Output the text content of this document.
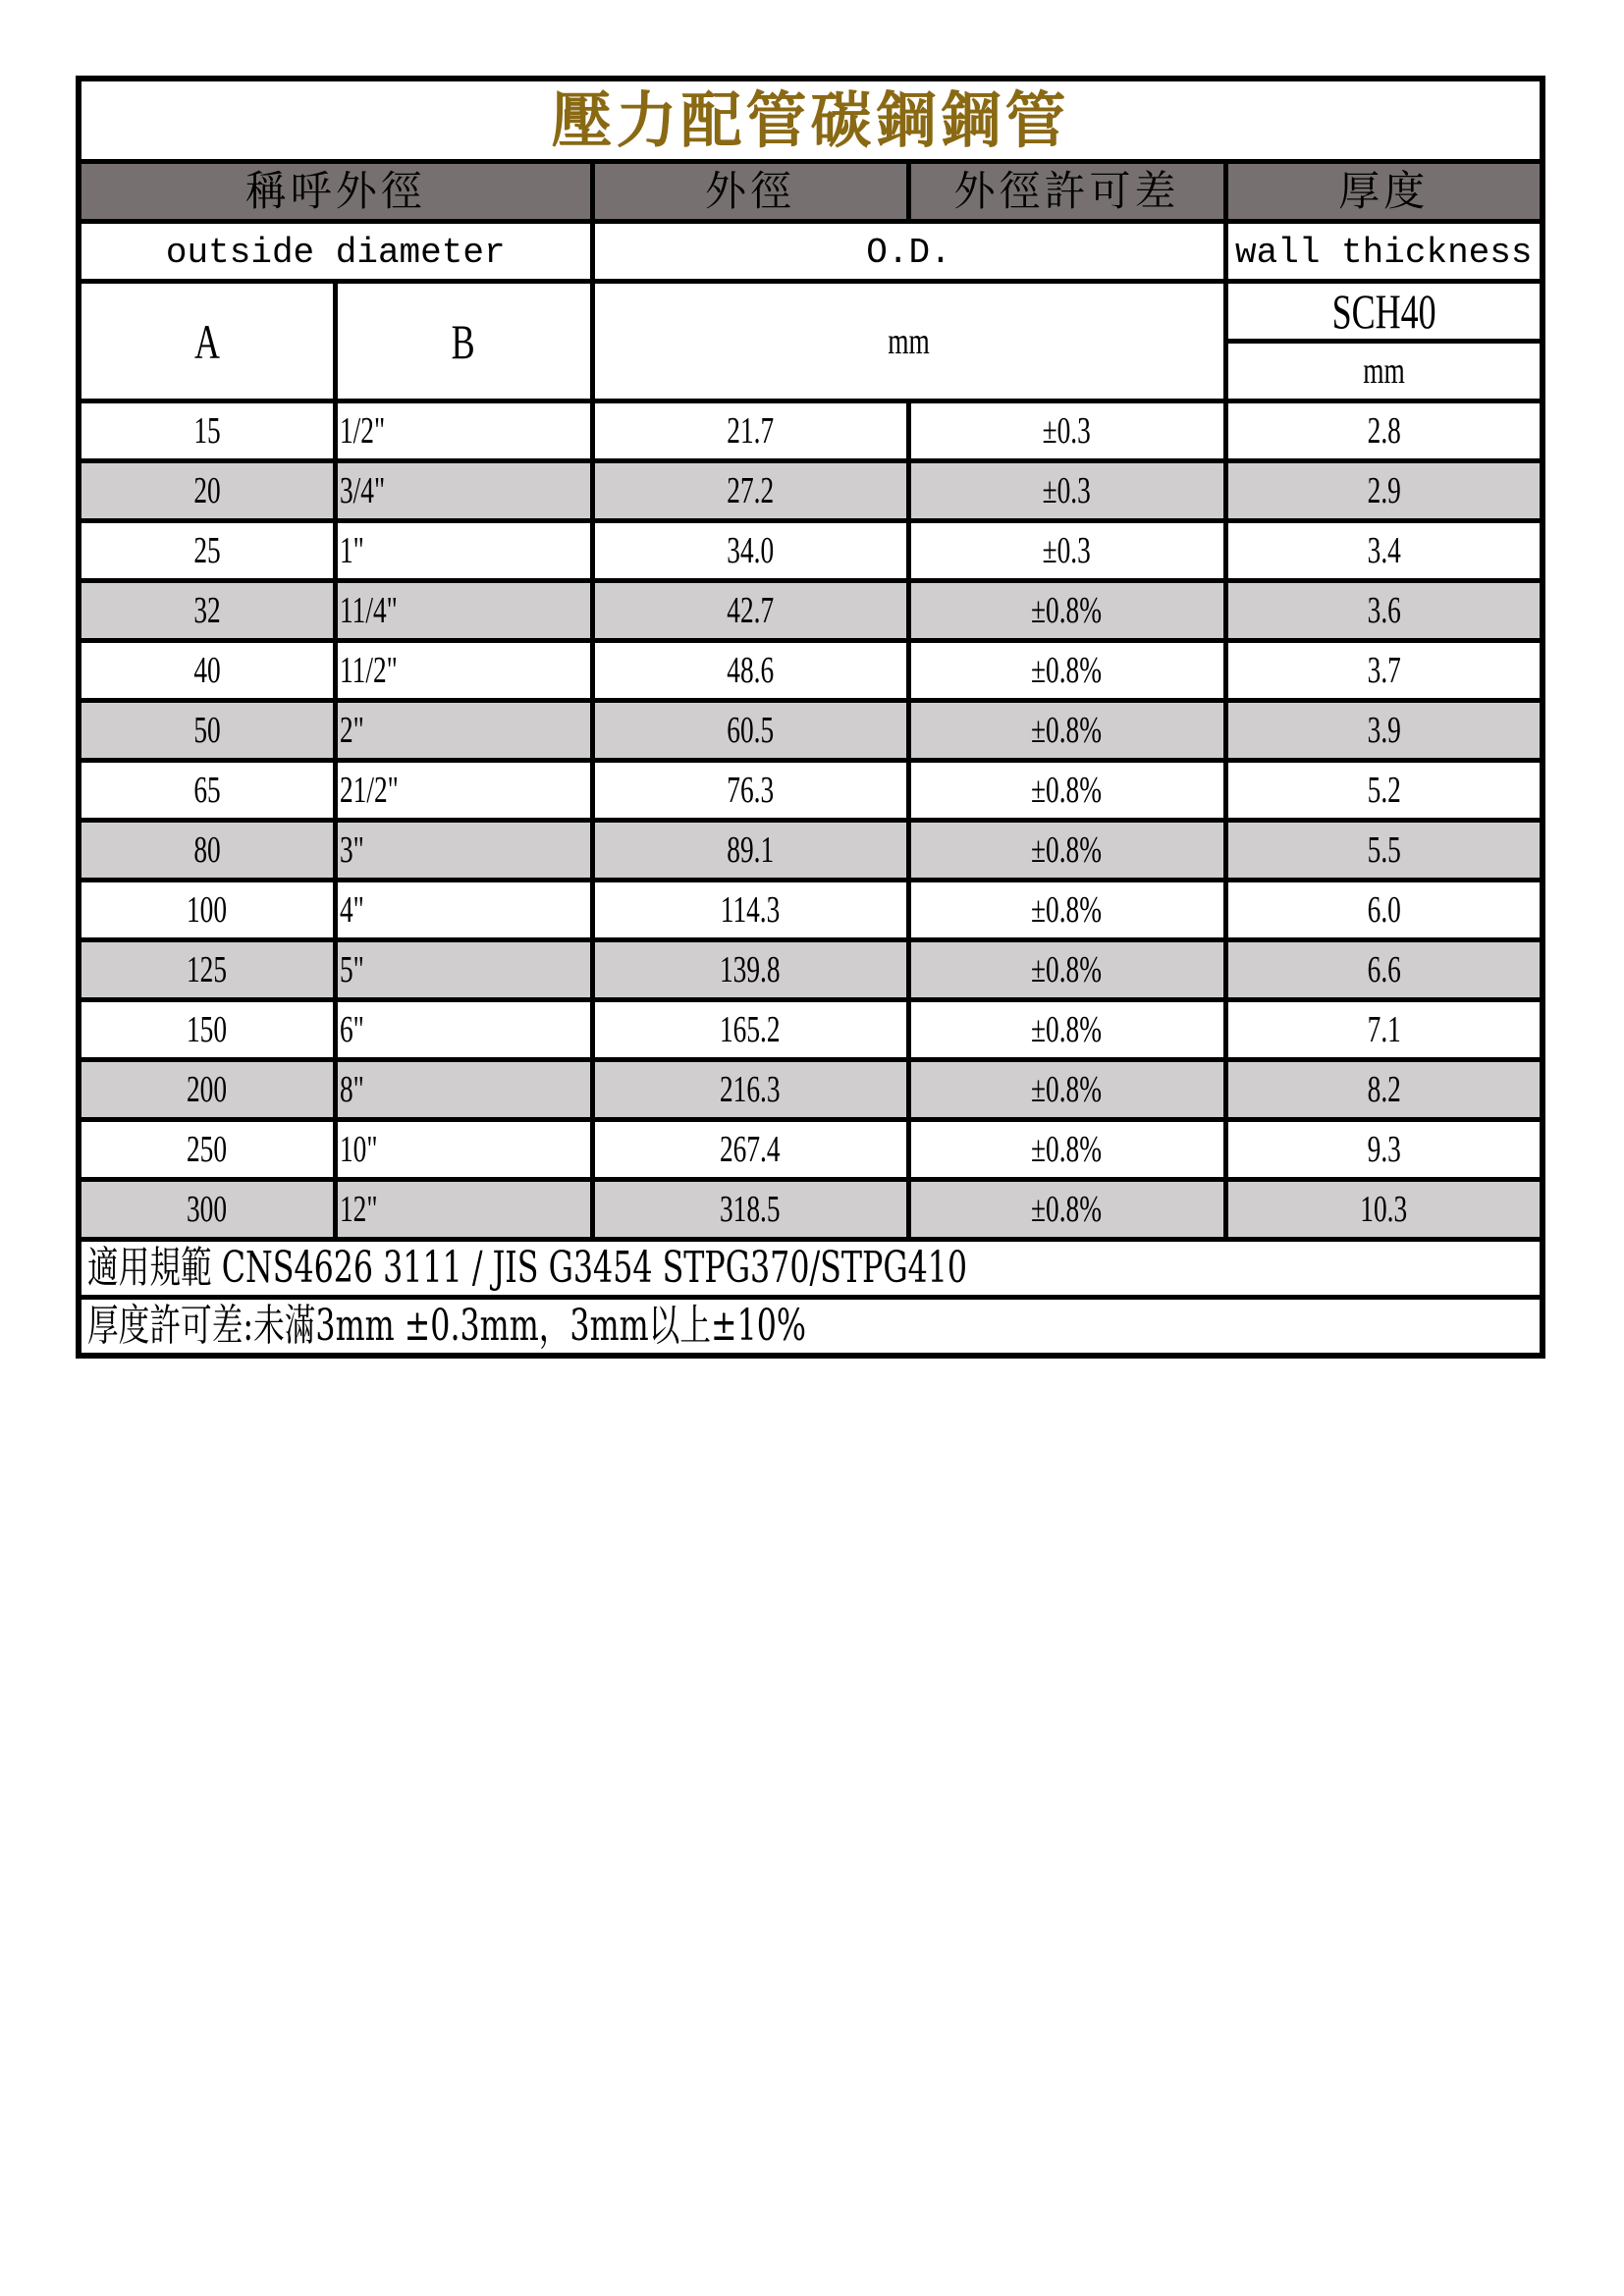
壓力配管碳鋼鋼管				
稱呼外徑		外徑	外徑許可差	厚度
outside diameter		O.D.		wall thickness
A	B	mm		SCH40
				mm
15	1/2"	21.7	±0.3	2.8
20	3/4"	27.2	±0.3	2.9
25	1"	34.0	±0.3	3.4
32	11/4"	42.7	±0.8%	3.6
40	11/2"	48.6	±0.8%	3.7
50	2"	60.5	±0.8%	3.9
65	21/2"	76.3	±0.8%	5.2
80	3"	89.1	±0.8%	5.5
100	4"	114.3	±0.8%	6.0
125	5"	139.8	±0.8%	6.6
150	6"	165.2	±0.8%	7.1
200	8"	216.3	±0.8%	8.2
250	10"	267.4	±0.8%	9.3
300	12"	318.5	±0.8%	10.3
適用規範 CNS4626 3111 / JIS G3454 STPG370/STPG410				
厚度許可差:未滿3mm ±0.3mm，3mm以上±10%				
